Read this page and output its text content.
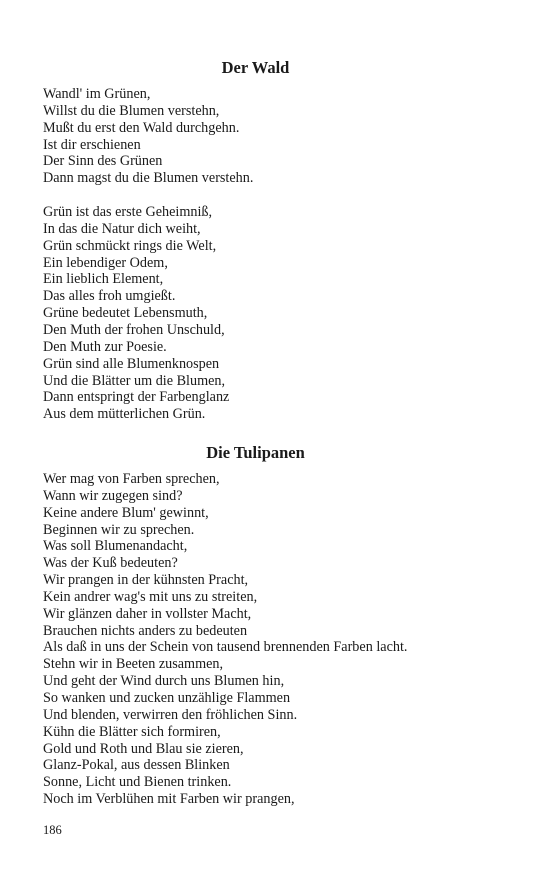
Der Wald
Wandl' im Grünen,
Willst du die Blumen verstehn,
Mußt du erst den Wald durchgehn.
Ist dir erschienen
Der Sinn des Grünen
Dann magst du die Blumen verstehn.
Grün ist das erste Geheimniß,
In das die Natur dich weiht,
Grün schmückt rings die Welt,
Ein lebendiger Odem,
Ein lieblich Element,
Das alles froh umgießt.
Grüne bedeutet Lebensmuth,
Den Muth der frohen Unschuld,
Den Muth zur Poesie.
Grün sind alle Blumenknospen
Und die Blätter um die Blumen,
Dann entspringt der Farbenglanz
Aus dem mütterlichen Grün.
Die Tulipanen
Wer mag von Farben sprechen,
Wann wir zugegen sind?
Keine andere Blum' gewinnt,
Beginnen wir zu sprechen.
Was soll Blumenandacht,
Was der Kuß bedeuten?
Wir prangen in der kühnsten Pracht,
Kein andrer wag's mit uns zu streiten,
Wir glänzen daher in vollster Macht,
Brauchen nichts anders zu bedeuten
Als daß in uns der Schein von tausend brennenden Farben lacht.
Stehn wir in Beeten zusammen,
Und geht der Wind durch uns Blumen hin,
So wanken und zucken unzählige Flammen
Und blenden, verwirren den fröhlichen Sinn.
Kühn die Blätter sich formiren,
Gold und Roth und Blau sie zieren,
Glanz-Pokal, aus dessen Blinken
Sonne, Licht und Bienen trinken.
Noch im Verblühen mit Farben wir prangen,
186
